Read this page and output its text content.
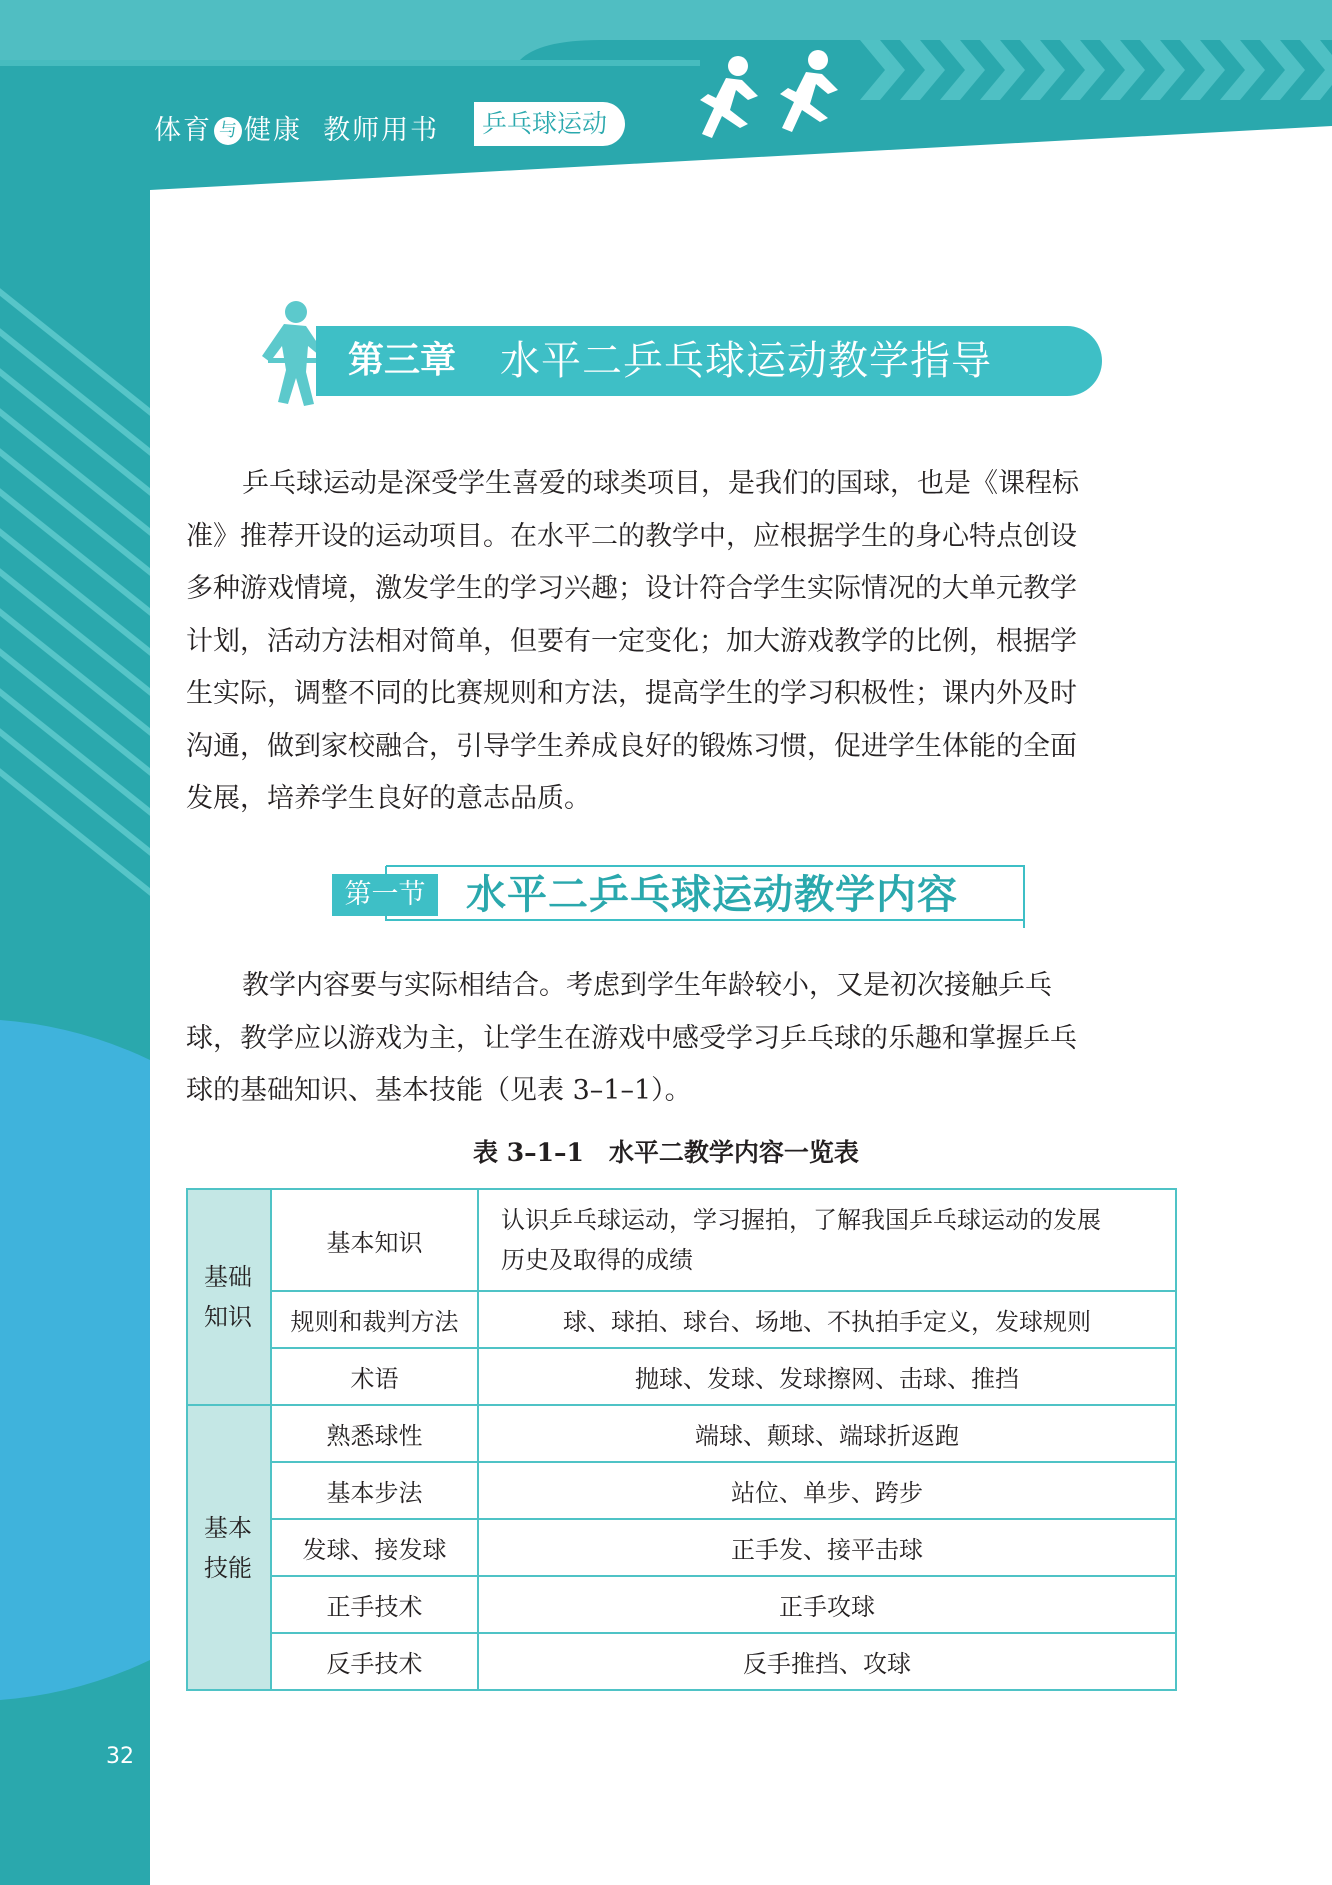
体育 与 健康 教师用书	乒乓球运动
第三章 水平二乒乓球运动教学指导
乒乓球运动是深受学生喜爱的球类项目，是我们的国球，也是《课程标
准》推荐开设的运动项目。在水平二的教学中，应根据学生的身心特点创设
多种游戏情境，激发学生的学习兴趣；设计符合学生实际情况的大单元教学
计划，活动方法相对简单，但要有一定变化；加大游戏教学的比例，根据学
生实际，调整不同的比赛规则和方法，提高学生的学习积极性；课内外及时
沟通，做到家校融合，引导学生养成良好的锻炼习惯，促进学生体能的全面
发展，培养学生良好的意志品质。
第一节	水平二乒乓球运动教学内容
教学内容要与实际相结合。考虑到学生年龄较小，又是初次接触乒乓
球，教学应以游戏为主，让学生在游戏中感受学习乒乓球的乐趣和掌握乒乓
球的基础知识、基本技能（见表 3–1–1）。
表 3–1–1　水平二教学内容一览表
基础
知识	基本知识	认识乒乓球运动，学习握拍，了解我国乒乓球运动的发展
历史及取得的成绩

	规则和裁判方法	球、球拍、球台、场地、不执拍手定义，发球规则
	术语	抛球、发球、发球擦网、击球、推挡

基本
技能	熟悉球性	端球、颠球、端球折返跑
	基本步法	站位、单步、跨步
	发球、接发球	正手发、接平击球
	正手技术	正手攻球
	反手技术	反手推挡、攻球
32
